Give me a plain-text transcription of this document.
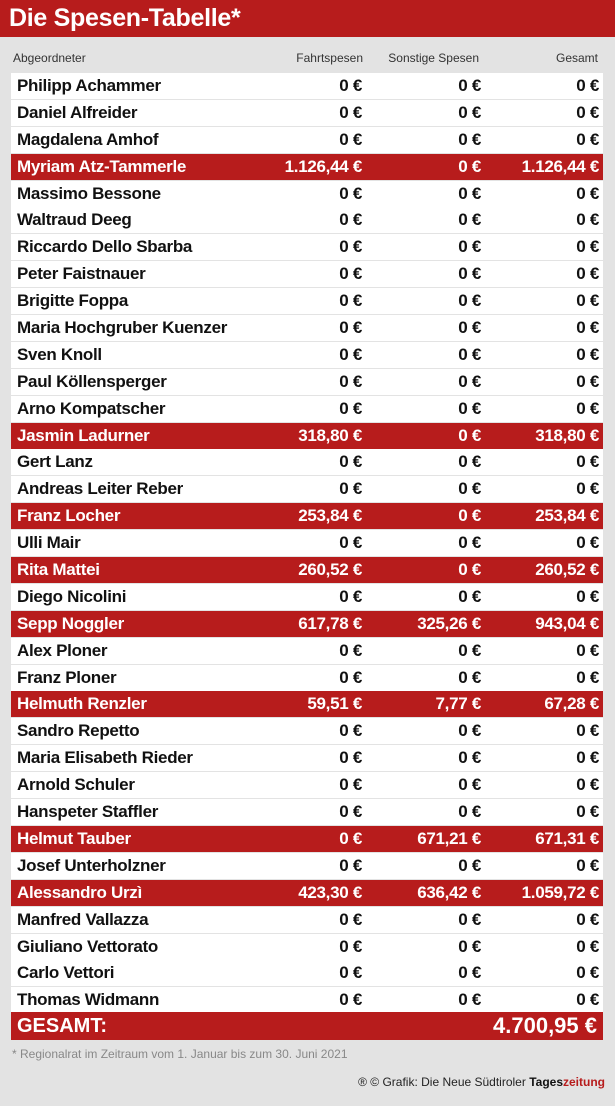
Die Spesen-Tabelle*
Abgeordneter	Fahrtspesen	Sonstige Spesen	Gesamt
Philipp Achammer	0 €	0 €	0 €
Daniel Alfreider	0 €	0 €	0 €
Magdalena Amhof	0 €	0 €	0 €
Myriam Atz-Tammerle	1.126,44 €	0 € 1.126,44 €
Massimo Bessone	0 €	0 €	0 €
Waltraud Deeg	0 €	0 €	0 €
Riccardo Dello Sbarba	0 €	0 €	0 €
Peter Faistnauer	0 €	0 €	0 €
Brigitte Foppa	0 €	0 €	0 €
Maria Hochgruber Kuenzer	0 €	0 €	0 €
Sven Knoll	0 €	0 €	0 €
Paul Köllensperger	0 €	0 €	0 €
Arno Kompatscher	0 €	0 €	0 €
Jasmin Ladurner	318,80 €	0 €	318,80 €
Gert Lanz	0 €	0 €	0 €
Andreas Leiter Reber	0 €	0 €	0 €
Franz Locher	253,84 €	0 €	253,84 €
Ulli Mair	0 €	0 €	0 €
Rita Mattei	260,52 €	0 €	260,52 €
Diego Nicolini	0 €	0 €	0 €
Sepp Noggler	617,78 €	325,26 €	943,04 €
Alex Ploner	0 €	0 €	0 €
Franz Ploner	0 €	0 €	0 €
Helmuth Renzler	59,51 €	7,77 €	67,28 €
Sandro Repetto	0 €	0 €	0 €
Maria Elisabeth Rieder	0 €	0 €	0 €
Arnold Schuler	0 €	0 €	0 €
Hanspeter Staffler	0 €	0 €	0 €
Helmut Tauber	0 €	671,21 €	671,31 €
Josef Unterholzner	0 €	0 €	0 €
Alessandro Urzì	423,30 €	636,42 € 1.059,72 €
Manfred Vallazza	0 €	0 €	0 €
Giuliano Vettorato	0 €	0 €	0 €
Carlo Vettori	0 €	0 €	0 €
Thomas Widmann	0 €	0 €	0 €
GESAMT:	4.700,95 €
* Regionalrat im Zeitraum vom 1. Januar bis zum 30. Juni 2021
® © Grafik: Die Neue Südtiroler Tageszeitung
